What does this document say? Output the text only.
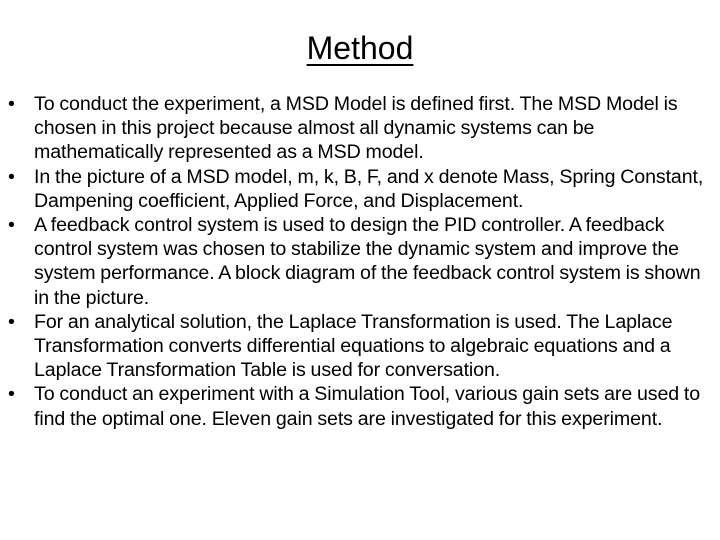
Method
• To conduct the experiment, a MSD Model is defined first. The MSD Model is chosen in this project because almost all dynamic systems can be mathematically represented as a MSD model.
• In the picture of a MSD model, m, k, B, F, and x denote Mass, Spring Constant, Dampening coefficient, Applied Force, and Displacement.
• A feedback control system is used to design the PID controller. A feedback control system was chosen to stabilize the dynamic system and improve the system performance. A block diagram of the feedback control system is shown in the picture.
• For an analytical solution, the Laplace Transformation is used. The Laplace Transformation converts differential equations to algebraic equations and a Laplace Transformation Table is used for conversation.
• To conduct an experiment with a Simulation Tool, various gain sets are used to find the optimal one. Eleven gain sets are investigated for this experiment.
